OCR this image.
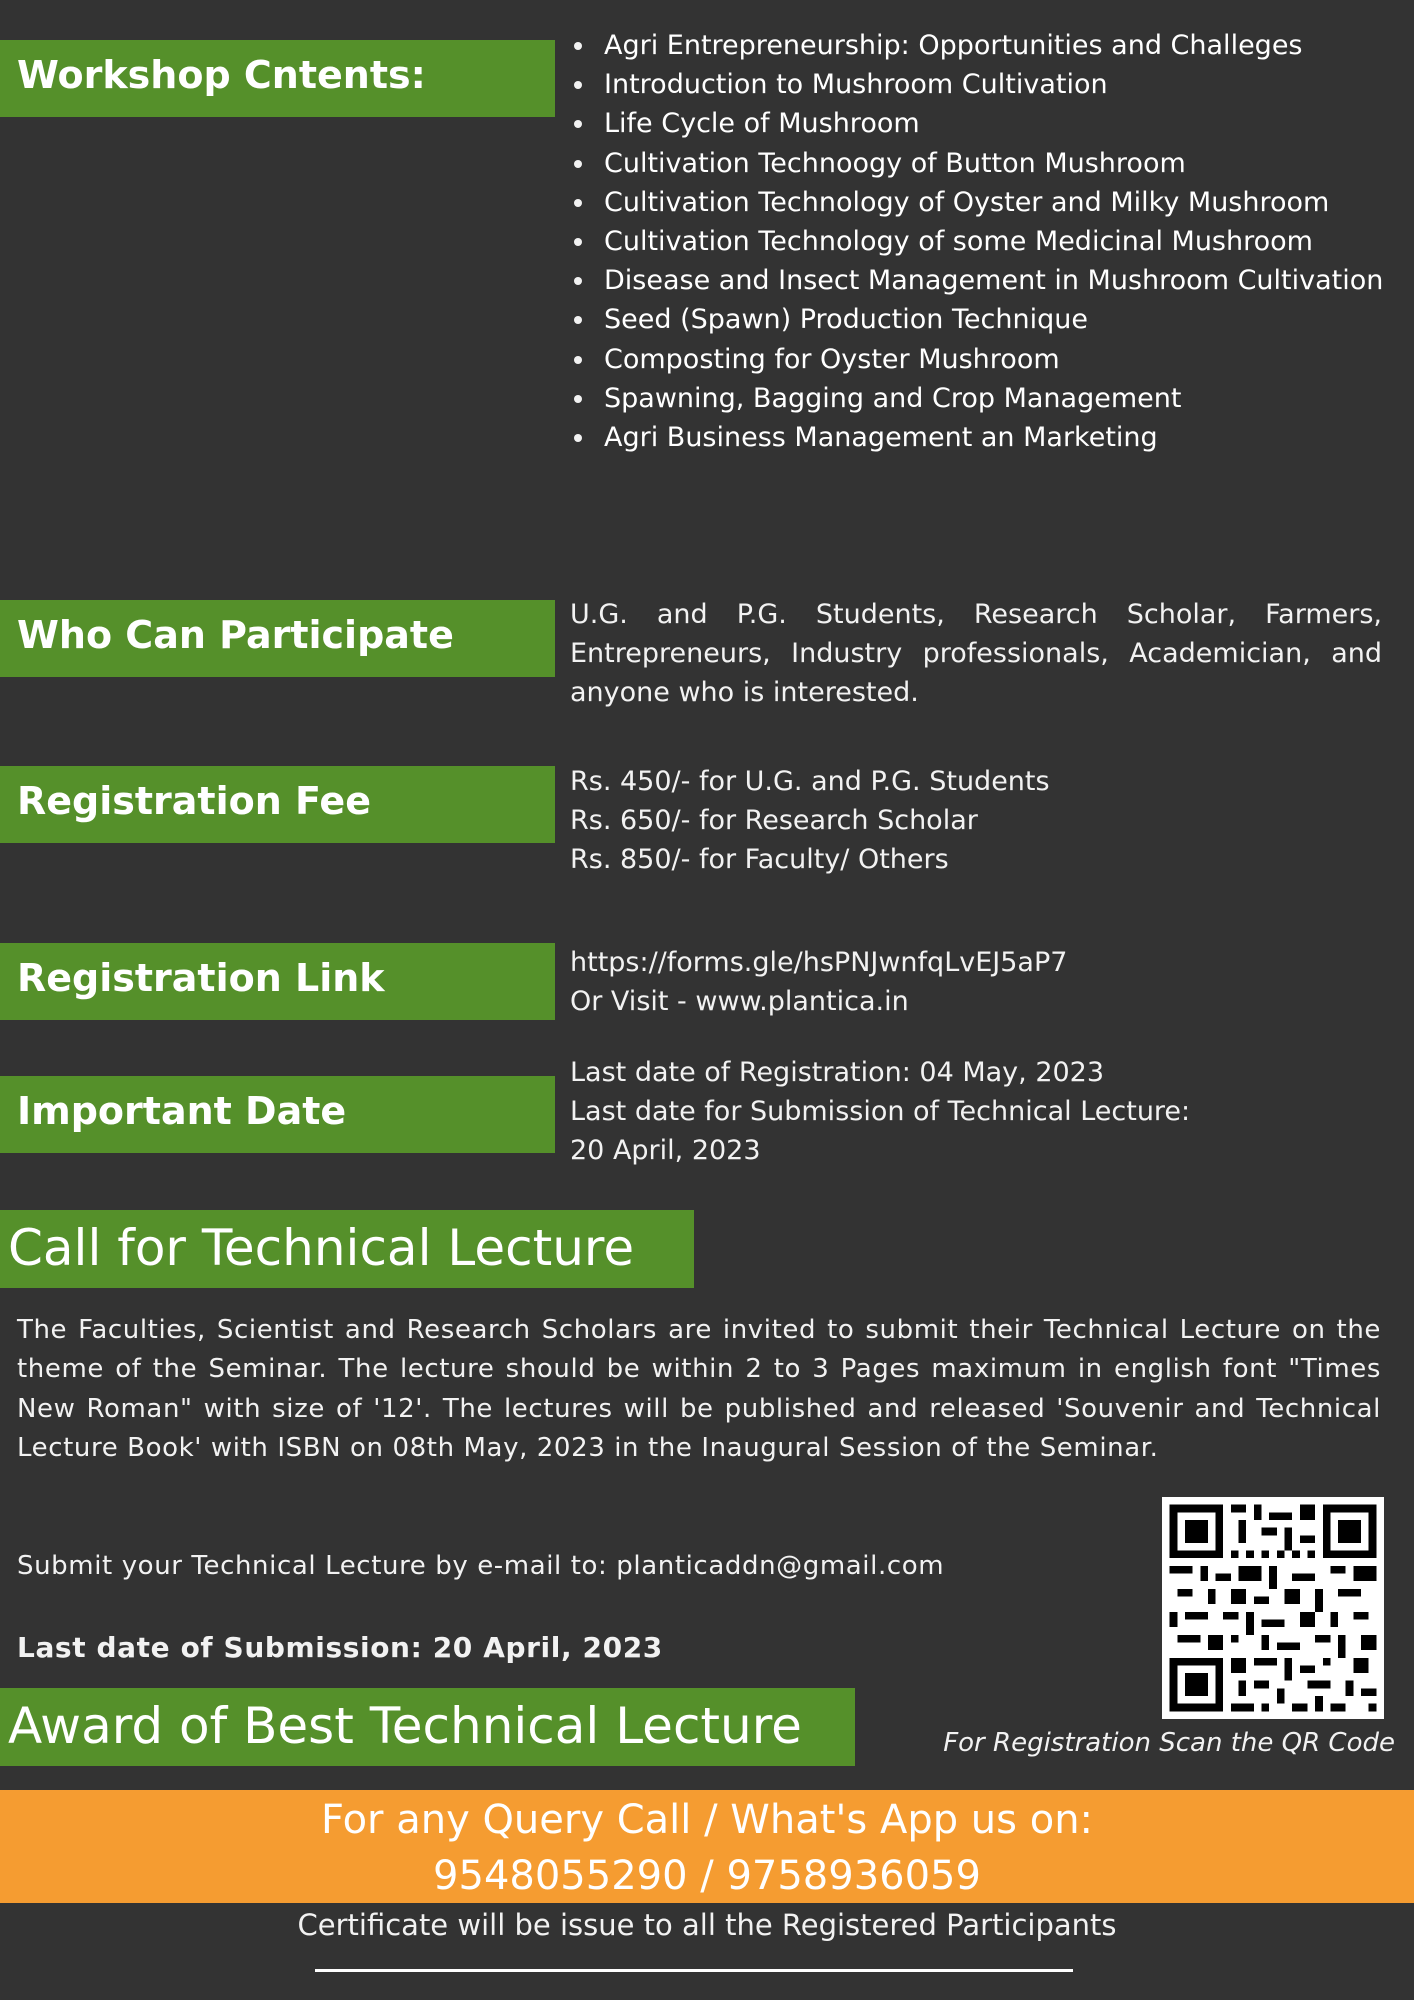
Workshop Cntents:
Agri Entrepreneurship: Opportunities and Challeges
Introduction to Mushroom Cultivation
Life Cycle of Mushroom
Cultivation Technoogy of Button Mushroom
Cultivation Technology of Oyster and Milky Mushroom
Cultivation Technology of some Medicinal Mushroom
Disease and Insect Management in Mushroom Cultivation
Seed (Spawn) Production Technique
Composting for Oyster Mushroom
Spawning, Bagging and Crop Management
Agri Business Management an Marketing
Who Can Participate	U.G. and P.G. Students, Research Scholar, Farmers, Entrepreneurs, Industry professionals, Academician, and anyone who is interested.
Registration Fee	Rs. 450/- for U.G. and P.G. Students
Rs. 650/- for Research Scholar
Rs. 850/- for Faculty/ Others
Registration Link	https://forms.gle/hsPNJwnfqLvEJ5aP7
Or Visit - www.plantica.in
Important Date
Last date of Registration: 04 May, 2023
Last date for Submission of Technical Lecture:
20 April, 2023
Call for Technical Lecture
The Faculties, Scientist and Research Scholars are invited to submit their Technical Lecture on the theme of the Seminar. The lecture should be within 2 to 3 Pages maximum in english font "Times New Roman" with size of '12'. The lectures will be published and released 'Souvenir and Technical Lecture Book' with ISBN on 08th May, 2023 in the Inaugural Session of the Seminar.
Submit your Technical Lecture by e-mail to: planticaddn@gmail.com
Last date of Submission: 20 April, 2023
Award of Best Technical Lecture	For Registration Scan the QR Code
For any Query Call / What's App us on:
9548055290 / 9758936059
Certificate will be issue to all the Registered Participants
